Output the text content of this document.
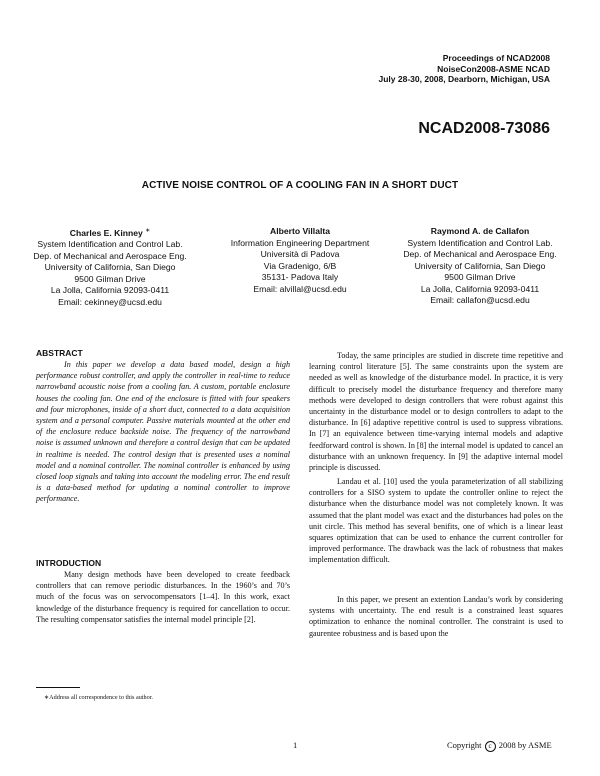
Proceedings of NCAD2008
NoiseCon2008-ASME NCAD
July 28-30, 2008, Dearborn, Michigan, USA
NCAD2008-73086
ACTIVE NOISE CONTROL OF A COOLING FAN IN A SHORT DUCT
Charles E. Kinney ∗
System Identification and Control Lab.
Dep. of Mechanical and Aerospace Eng.
University of California, San Diego
9500 Gilman Drive
La Jolla, California 92093-0411
Email: cekinney@ucsd.edu
Alberto Villalta
Information Engineering Department
Università di Padova
Via Gradenigo, 6/B
35131- Padova Italy
Email: alvillal@ucsd.edu
Raymond A. de Callafon
System Identification and Control Lab.
Dep. of Mechanical and Aerospace Eng.
University of California, San Diego
9500 Gilman Drive
La Jolla, California 92093-0411
Email: callafon@ucsd.edu
ABSTRACT
In this paper we develop a data based model, design a high performance robust controller, and apply the controller in real-time to reduce narrowband acoustic noise from a cooling fan. A custom, portable enclosure houses the cooling fan. One end of the enclosure is fitted with four speakers and four microphones, inside of a short duct, connected to a data acquisition system and a personal computer. Passive materials mounted at the other end of the enclosure reduce backside noise. The frequency of the narrowband noise is assumed unknown and therefore a control design that can be updated in realtime is needed. The control design that is presented uses a nominal model and a nominal controller. The nominal controller is enhanced by using closed loop signals and taking into account the modeling error. The end result is a data-based method for updating a nominal controller to improve performance.
INTRODUCTION
Many design methods have been developed to create feedback controllers that can remove periodic disturbances. In the 1960’s and 70’s much of the focus was on servocompensators [1–4]. In this work, exact knowledge of the disturbance frequency is required for cancellation to occur. The resulting compensator satisfies the internal model principle [2].
∗Address all correspondence to this author.
Today, the same principles are studied in discrete time repetitive and learning control literature [5]. The same constraints upon the system are needed as well as knowledge of the disturbance model. In practice, it is very difficult to precisely model the disturbance frequency and therefore many methods were developed to design controllers that were robust against this uncertainty in the disturbance model or to design controllers to adapt to the disturbance. In [6] adaptive repetitive control is used to suppress vibrations. In [7] an equivalence between time-varying internal models and adaptive feedforward control is shown. In [8] the internal model is updated to cancel an disturbance with an unknown frequency. In [9] the adaptive internal model principle is discussed.
Landau et al. [10] used the youla parameterization of all stabilizing controllers for a SISO system to update the controller online to reject the disturbance when the disturbance model was not completely known. It was assumed that the plant model was exact and the disturbances had poles on the unit circle. This method has several benifits, one of which is a linear least squares optimization that can be used to enhance the current controller for improved performance. The drawback was the lack of robustness that makes implementation difficult.
In this paper, we present an extention Landau’s work by considering systems with uncertainty. The end result is a constrained least squares optimization to enhance the nominal controller. The constraint is used to gaurentee robustness and is based upon the
1	Copyright c 2008 by ASME
